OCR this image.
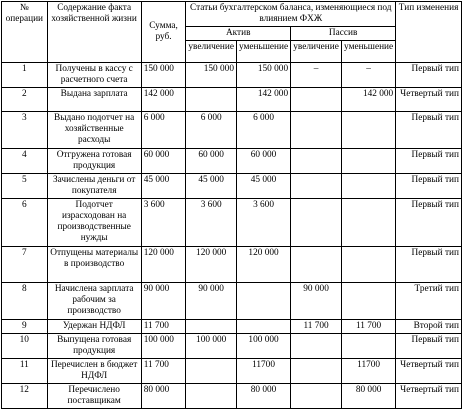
№ операции	Содержание факта хозяйственной жизни	Сумма, руб.	Статьи бухгалтерском баланса, изменяющиеся под влиянием ФХЖ				Тип изменения
			Актив		Пассив		
			увеличение	уменьшение	увеличение	уменьшение	
1	Получены в кассу с расчетного счета	150 000	150 000	150 000	–	–	Первый тип
2	Выдана зарплата	142 000		142 000		142 000	Четвертый тип
3	Выдано подотчет на хозяйственные расходы	6 000	6 000	6 000			Первый тип
4	Отгружена готовая продукция	60 000	60 000	60 000			Первый тип
5	Зачислены деньги от покупателя	45 000	45 000	45 000			Первый тип
6	Подотчет израсходован на производственные нужды	3 600	3 600	3 600			Первый тип
7	Отпущены материалы в производство	120 000	120 000	120 000			Первый тип
8	Начислена зарплата рабочим за производство	90 000	90 000		90 000		Третий тип
9	Удержан НДФЛ	11 700			11 700	11 700	Второй тип
10	Выпущена готовая продукция	100 000	100 000	100 000			Первый тип
11	Перечислен в бюджет НДФЛ	11 700		11700		11700	Четвертый тип
12	Перечислено поставщикам	80 000		80 000		80 000	Четвертый тип
